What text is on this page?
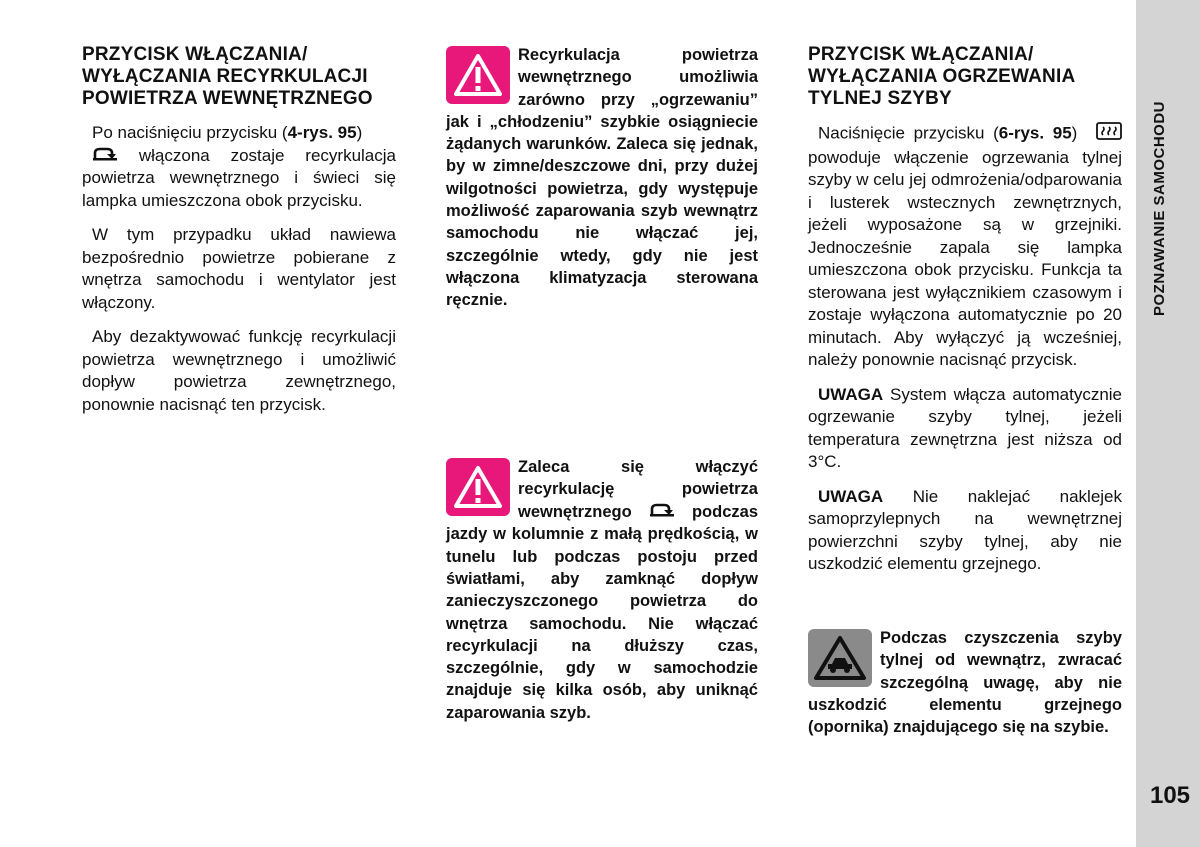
POZNAWANIE SAMOCHODU
105
PRZYCISK WŁĄCZANIA/
WYŁĄCZANIA RECYRKULACJI
POWIETRZA WEWNĘTRZNEGO

Po naciśnięciu przycisku (4-rys. 95)
włączona zostaje recyrkulacja powietrza wewnętrznego i świeci się lampka umieszczona obok przycisku.

W tym przypadku układ nawiewa bezpośrednio powietrze pobierane z wnętrza samochodu i wentylator jest włączony.

Aby dezaktywować funkcję recyrkulacji powietrza wewnętrznego i umożliwić dopływ powietrza zewnętrznego, ponownie nacisnąć ten przycisk.

Recyrkulacja powietrza wewnętrznego umożliwia zarówno przy „ogrzewaniu” jak i „chłodzeniu” szybkie osiągniecie żądanych warunków. Zaleca się jednak, by w zimne/deszczowe dni, przy dużej wilgotności powietrza, gdy występuje możliwość zaparowania szyb wewnątrz samochodu nie włączać jej, szczególnie wtedy, gdy nie jest włączona klimatyzacja sterowana ręcznie.
Zaleca się włączyć recyrkulację powietrza wewnętrznego  podczas jazdy w kolumnie z małą prędkością, w tunelu lub podczas postoju przed światłami, aby zamknąć dopływ zanieczyszczonego powietrza do wnętrza samochodu. Nie włączać recyrkulacji na dłuższy czas, szczególnie, gdy w samochodzie znajduje się kilka osób, aby uniknąć zaparowania szyb.
PRZYCISK WŁĄCZANIA/
WYŁĄCZANIA OGRZEWANIA
TYLNEJ SZYBY

Naciśnięcie przycisku (6-rys. 95)  powoduje włączenie ogrzewania tylnej szyby w celu jej odmrożenia/odparowania i lusterek wstecznych zewnętrznych, jeżeli wyposażone są w grzejniki. Jednocześnie zapala się lampka umieszczona obok przycisku. Funkcja ta sterowana jest wyłącznikiem czasowym i zostaje wyłączona automatycznie po 20 minutach. Aby wyłączyć ją wcześniej, należy ponownie nacisnąć przycisk.

UWAGA System włącza automatycznie ogrzewanie szyby tylnej, jeżeli temperatura zewnętrzna jest niższa od 3°C.

UWAGA Nie naklejać naklejek samoprzylepnych na wewnętrznej powierzchni szyby tylnej, aby nie uszkodzić elementu grzejnego.

Podczas czyszczenia szyby tylnej od wewnątrz, zwracać szczególną uwagę, aby nie uszkodzić elementu grzejnego (opornika) znajdującego się na szybie.
